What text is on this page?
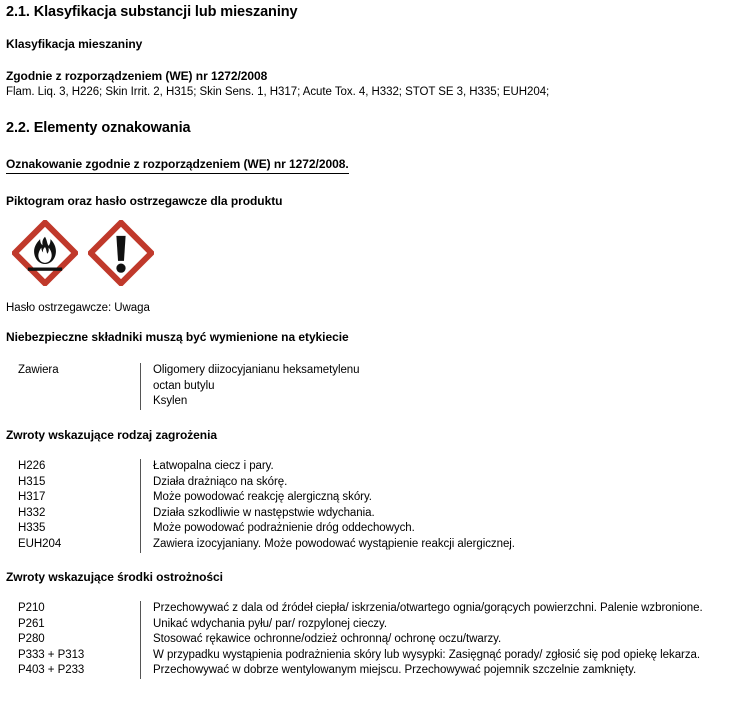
2.1. Klasyfikacja substancji lub mieszaniny
Klasyfikacja mieszaniny
Zgodnie z rozporządzeniem (WE) nr 1272/2008
Flam. Liq. 3, H226; Skin Irrit. 2, H315; Skin Sens. 1, H317; Acute Tox. 4, H332; STOT SE 3, H335; EUH204;
2.2. Elementy oznakowania
Oznakowanie zgodnie z rozporządzeniem (WE) nr 1272/2008.
Piktogram oraz hasło ostrzegawcze dla produktu
Hasło ostrzegawcze: Uwaga
Niebezpieczne składniki muszą być wymienione na etykiecie
Zawiera	Oligomery diizocyjanianu heksametylenu
octan butylu
Ksylen
Zwroty wskazujące rodzaj zagrożenia
H226	Łatwopalna ciecz i pary.
H315	Działa drażniąco na skórę.
H317	Może powodować reakcję alergiczną skóry.
H332	Działa szkodliwie w następstwie wdychania.
H335	Może powodować podrażnienie dróg oddechowych.
EUH204	Zawiera izocyjaniany. Może powodować wystąpienie reakcji alergicznej.
Zwroty wskazujące środki ostrożności
P210	Przechowywać z dala od źródeł ciepła/ iskrzenia/otwartego ognia/gorących powierzchni. Palenie wzbronione.
P261	Unikać wdychania pyłu/ par/ rozpylonej cieczy.
P280	Stosować rękawice ochronne/odzież ochronną/ ochronę oczu/twarzy.
P333 + P313	W przypadku wystąpienia podrażnienia skóry lub wysypki: Zasięgnąć porady/ zgłosić się pod opiekę lekarza.
P403 + P233	Przechowywać w dobrze wentylowanym miejscu. Przechowywać pojemnik szczelnie zamknięty.
